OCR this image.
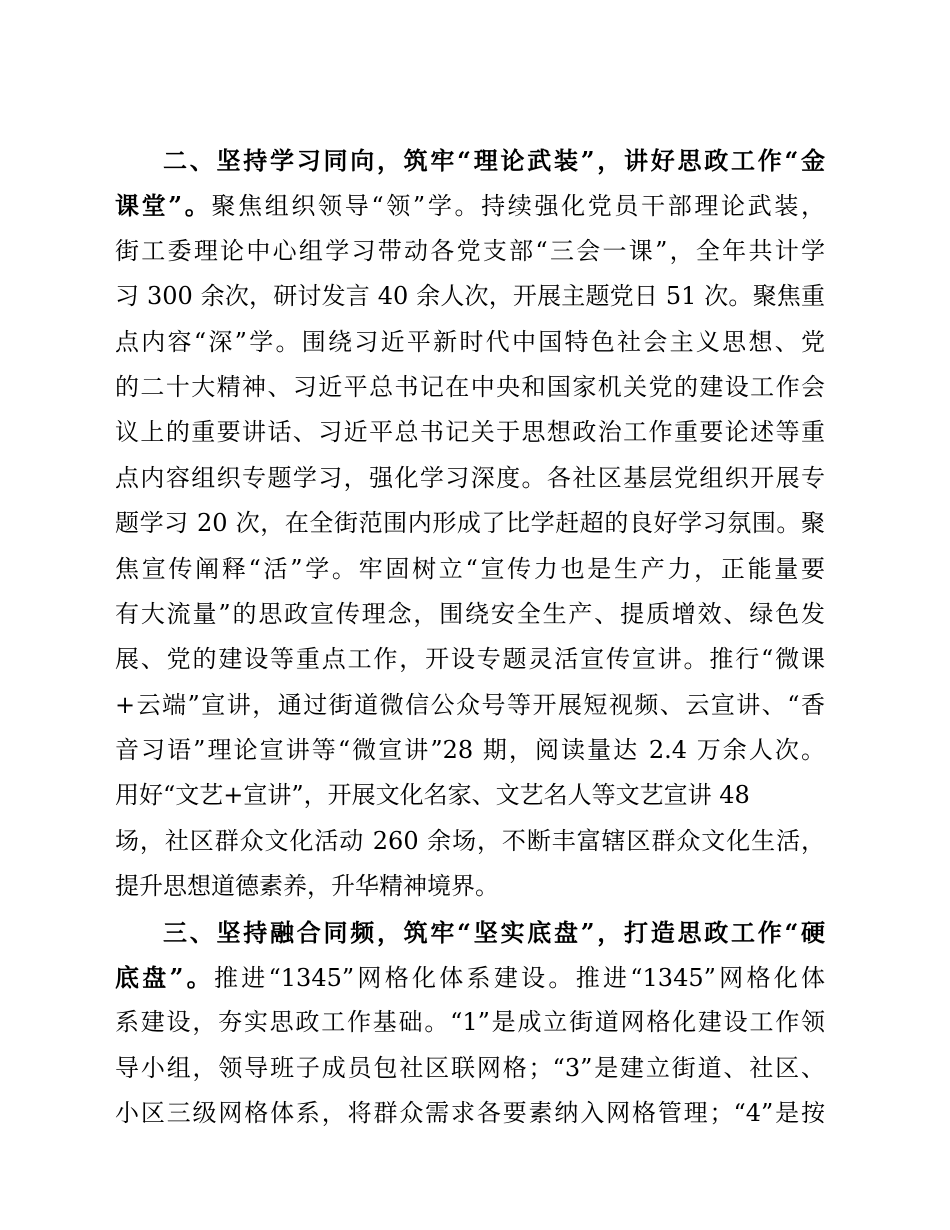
二、坚持学习同向，筑牢“理论武装”，讲好思政工作“金
课堂”。聚焦组织领导“领”学。持续强化党员干部理论武装，
街工委理论中心组学习带动各党支部“三会一课”，全年共计学
习 300 余次，研讨发言 40 余人次，开展主题党日 51 次。聚焦重
点内容“深”学。围绕习近平新时代中国特色社会主义思想、党
的二十大精神、习近平总书记在中央和国家机关党的建设工作会
议上的重要讲话、习近平总书记关于思想政治工作重要论述等重
点内容组织专题学习，强化学习深度。各社区基层党组织开展专
题学习 20 次，在全街范围内形成了比学赶超的良好学习氛围。聚
焦宣传阐释“活”学。牢固树立“宣传力也是生产力，正能量要
有大流量”的思政宣传理念，围绕安全生产、提质增效、绿色发
展、党的建设等重点工作，开设专题灵活宣传宣讲。推行“微课
+云端”宣讲，通过街道微信公众号等开展短视频、云宣讲、“香
音习语”理论宣讲等“微宣讲”28 期，阅读量达 2.4 万余人次。
用好“文艺+宣讲”，开展文化名家、文艺名人等文艺宣讲 48
场，社区群众文化活动 260 余场，不断丰富辖区群众文化生活，
提升思想道德素养，升华精神境界。
三、坚持融合同频，筑牢“坚实底盘”，打造思政工作“硬
底盘”。推进“1345”网格化体系建设。推进“1345”网格化体
系建设，夯实思政工作基础。“1”是成立街道网格化建设工作领
导小组，领导班子成员包社区联网格；“3”是建立街道、社区、
小区三级网格体系，将群众需求各要素纳入网格管理；“4”是按
